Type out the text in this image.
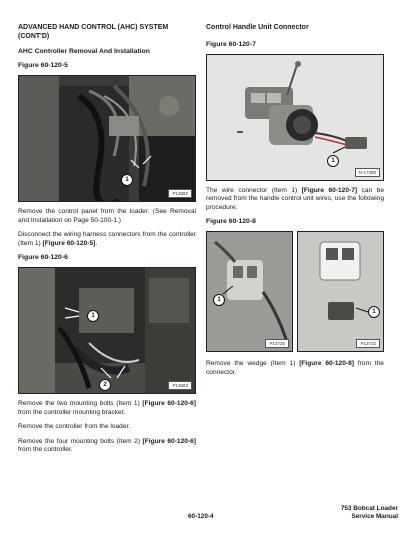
ADVANCED HAND CONTROL (AHC) SYSTEM (CONT'D)
AHC Controller Removal And Installation
Figure 60-120-5
1
P13682
Remove the control panel from the loader. (See Removal and Installation on Page 50-100-1.)
Disconnect the wiring harness connectors from the controller (Item 1) [Figure 60-120-5].
Figure 60-120-6
1
2	P13683
Remove the two mounting bolts (Item 1) [Figure 60-120-6] from the controller mounting bracket.
Remove the controller from the loader.
Remove the four mounting bolts (Item 2) [Figure 60-120-6] from the controller.
Control Handle Unit Connector
Figure 60-120-7
1
N-17390
The wire connector (Item 1) [Figure 60-120-7] can be removed from the handle control unit wires, use the following procedure.
Figure 60-120-8
1
P13725
1
P13732
Remove the wedge (Item 1) [Figure 60-120-8] from the connector.
60-120-4
753 Bobcat Loader
Service Manual
